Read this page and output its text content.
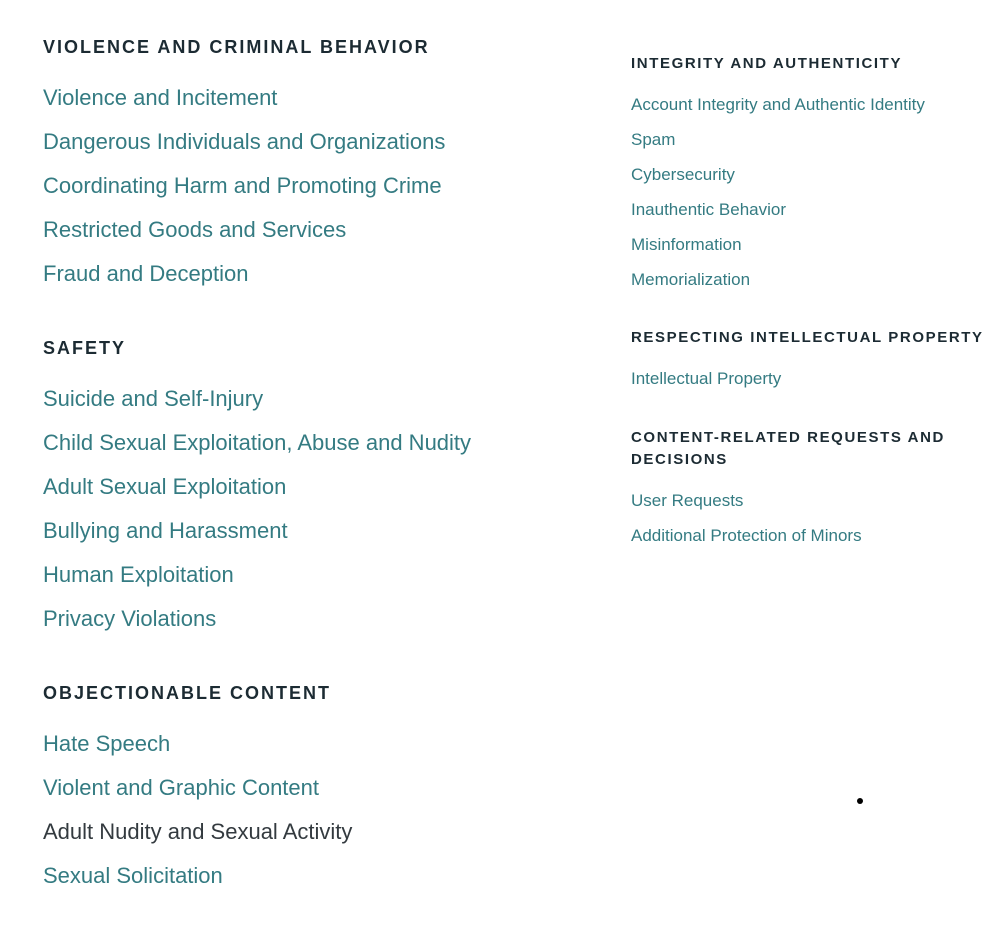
VIOLENCE AND CRIMINAL BEHAVIOR
Violence and Incitement
Dangerous Individuals and Organizations
Coordinating Harm and Promoting Crime
Restricted Goods and Services
Fraud and Deception
SAFETY
Suicide and Self-Injury
Child Sexual Exploitation, Abuse and Nudity
Adult Sexual Exploitation
Bullying and Harassment
Human Exploitation
Privacy Violations
OBJECTIONABLE CONTENT
Hate Speech
Violent and Graphic Content
Adult Nudity and Sexual Activity
Sexual Solicitation
INTEGRITY AND AUTHENTICITY
Account Integrity and Authentic Identity
Spam
Cybersecurity
Inauthentic Behavior
Misinformation
Memorialization
RESPECTING INTELLECTUAL PROPERTY
Intellectual Property
CONTENT-RELATED REQUESTS AND
DECISIONS
User Requests
Additional Protection of Minors
